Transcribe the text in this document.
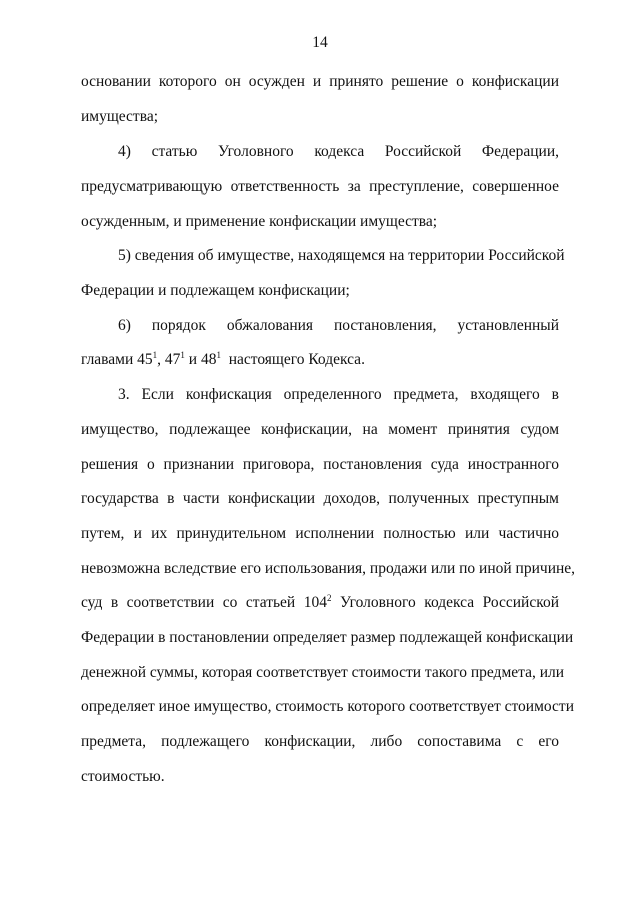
14
основании которого он осужден и принято решение о конфискации
имущества;
4) статью Уголовного кодекса Российской Федерации,
предусматривающую ответственность за преступление, совершенное
осужденным, и применение конфискации имущества;
5) сведения об имуществе, находящемся на территории Российской
Федерации и подлежащем конфискации;
6) порядок обжалования постановления, установленный
главами $45^1$, $47^1$ и $48^1$  настоящего Кодекса.
3. Если конфискация определенного предмета, входящего в
имущество, подлежащее конфискации, на момент принятия судом
решения о признании приговора, постановления суда иностранного
государства в части конфискации доходов, полученных преступным
путем, и их принудительном исполнении полностью или частично
невозможна вследствие его использования, продажи или по иной причине,
суд в соответствии со статьей $104^2$ Уголовного кодекса Российской
Федерации в постановлении определяет размер подлежащей конфискации
денежной суммы, которая соответствует стоимости такого предмета, или
определяет иное имущество, стоимость которого соответствует стоимости
предмета, подлежащего конфискации, либо сопоставима с его
стоимостью.
